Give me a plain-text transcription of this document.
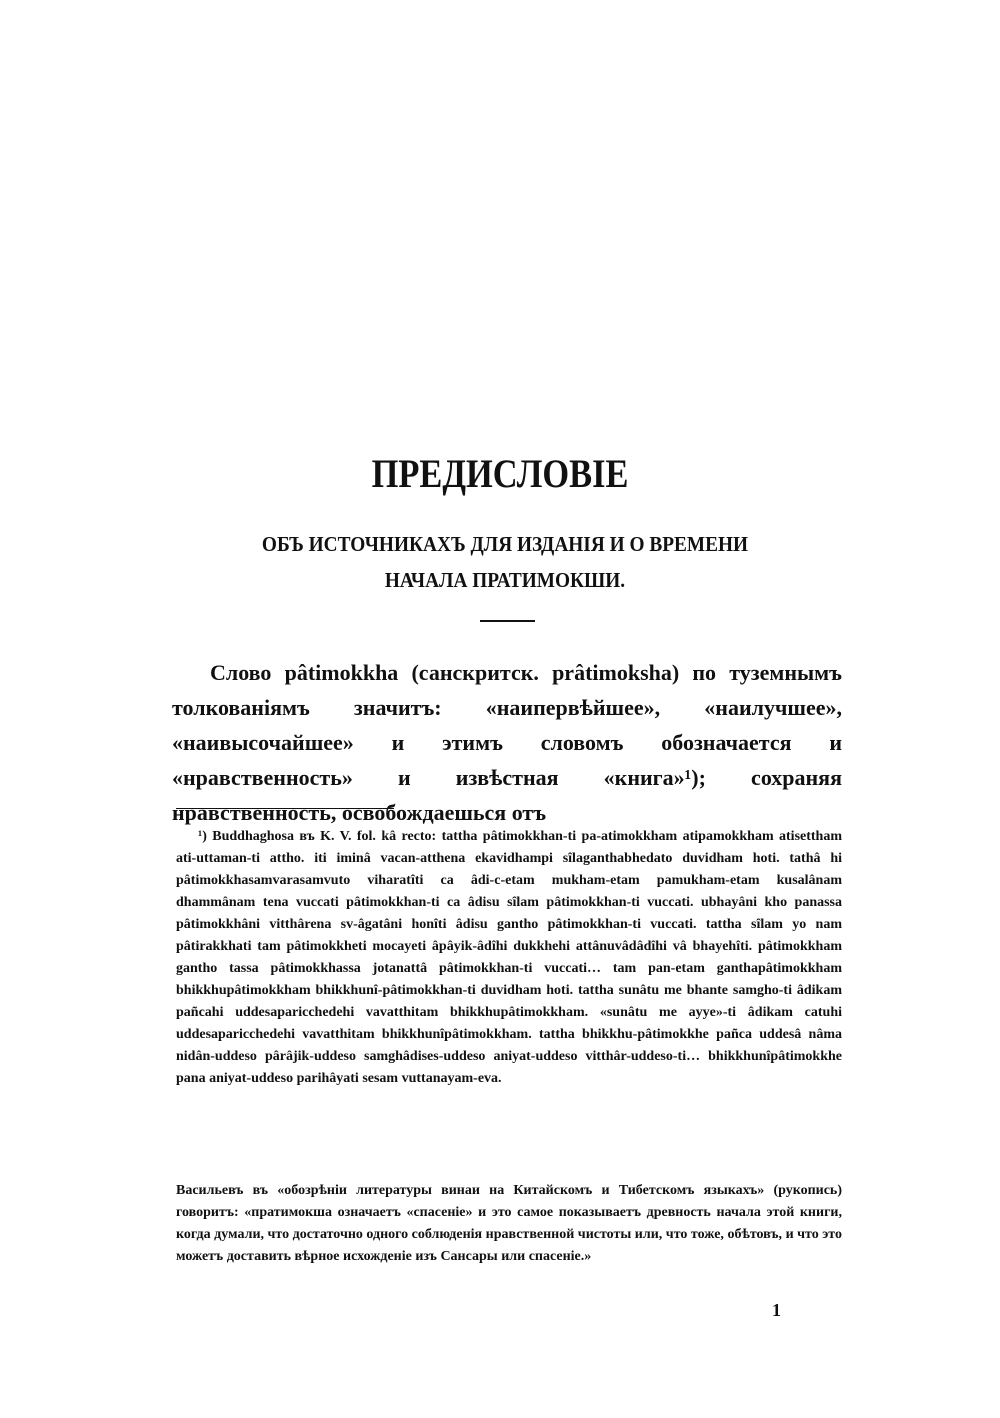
ПРЕДИСЛОВІЕ
ОБЪ ИСТОЧНИКАХЪ ДЛЯ ИЗДАНІЯ И О ВРЕМЕНИ НАЧАЛА ПРАТИМОКШИ.

Слово pâtimokkha (санскритск. prâtimoksha) по туземнымъ толкованіямъ значитъ: «наипервѣйшее», «наилучшее», «наивысочайшее» и этимъ словомъ обозначается и «нравственность» и извѣстная «книга»¹); сохраняя нравственность, освобождаешься отъ

¹) Buddhaghosa въ K. V. fol. kâ recto: tattha pâtimokkhan-ti pa-atimokkham atipamokkham atisettham ati-uttaman-ti attho. iti iminâ vacan-atthena ekavidhampi sîlaganthabhedato duvidham hoti. tathâ hi pâtimokkhasamvarasamvuto viharatîti ca âdi-c-etam mukham-etam pamukham-etam kusalânam dhammânam tena vuccati pâtimokkhan-ti ca âdisu sîlam pâtimokkhan-ti vuccati. ubhayâni kho panassa pâtimokkhâni vitthârena sv-âgatâni honîti âdisu gantho pâtimokkhan-ti vuccati. tattha sîlam yo nam pâtirakkhati tam pâtimokkheti mocayeti âpâyik-âdîhi dukkhehi attânuvâdâdîhi vâ bhayehîti. pâtimokkham gantho tassa pâtimokkhassa jotanattâ pâtimokkhan-ti vuccati… tam pan-etam ganthapâtimokkham bhikkhupâtimokkham bhikkhunî-pâtimokkhan-ti duvidham hoti. tattha sunâtu me bhante samgho-ti âdikam pañcahi uddesaparicchedehi vavatthitam bhikkhupâtimokkham. «sunâtu me ayye»-ti âdikam catuhi uddesaparicchedehi vavatthitam bhikkhunîpâtimokkham. tattha bhikkhu-pâtimokkhe pañca uddesâ nâma nidân-uddeso pârâjik-uddeso samghâdises-uddeso aniyat-uddeso vitthâr-uddeso-ti… bhikkhunîpâtimokkhe pana aniyat-uddeso parihâyati sesam vuttanayam-eva.

Васильевъ въ «обозрѣніи литературы винаи на Китайскомъ и Тибетскомъ языкахъ» (рукопись) говоритъ: «пратимокша означаетъ «спасеніе» и это самое показываетъ древность начала этой книги, когда думали, что достаточно одного соблюденія нравственной чистоты или, что тоже, обѣтовъ, и что это можетъ доставить вѣрное исхожденіе изъ Сансары или спасеніе.»

1
